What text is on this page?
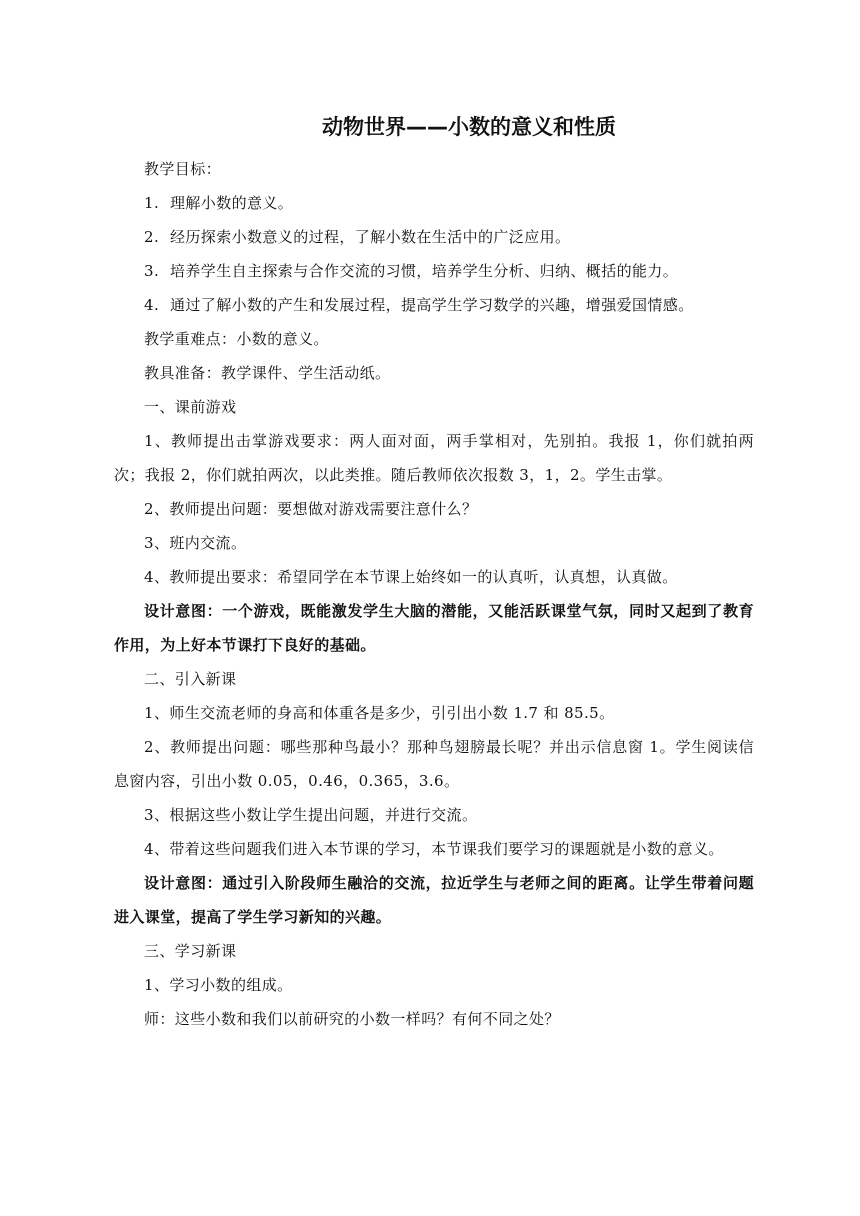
动物世界——小数的意义和性质

教学目标：

1. 理解小数的意义。

2. 经历探索小数意义的过程，了解小数在生活中的广泛应用。

3. 培养学生自主探索与合作交流的习惯，培养学生分析、归纳、概括的能力。

4. 通过了解小数的产生和发展过程，提高学生学习数学的兴趣，增强爱国情感。

教学重难点：小数的意义。

教具准备：教学课件、学生活动纸。

一、课前游戏

1、教师提出击掌游戏要求：两人面对面，两手掌相对，先别拍。我报 1，你们就拍两次；我报 2，你们就拍两次，以此类推。随后教师依次报数 3，1，2。学生击掌。

2、教师提出问题：要想做对游戏需要注意什么？

3、班内交流。

4、教师提出要求：希望同学在本节课上始终如一的认真听，认真想，认真做。

设计意图：一个游戏，既能激发学生大脑的潜能，又能活跃课堂气氛，同时又起到了教育作用，为上好本节课打下良好的基础。

二、引入新课

1、师生交流老师的身高和体重各是多少，引引出小数 1.7 和 85.5。

2、教师提出问题：哪些那种鸟最小？那种鸟翅膀最长呢？并出示信息窗 1。学生阅读信息窗内容，引出小数 0.05，0.46，0.365，3.6。

3、根据这些小数让学生提出问题，并进行交流。

4、带着这些问题我们进入本节课的学习，本节课我们要学习的课题就是小数的意义。

设计意图：通过引入阶段师生融洽的交流，拉近学生与老师之间的距离。让学生带着问题进入课堂，提高了学生学习新知的兴趣。

三、学习新课

1、学习小数的组成。

师：这些小数和我们以前研究的小数一样吗？有何不同之处？
